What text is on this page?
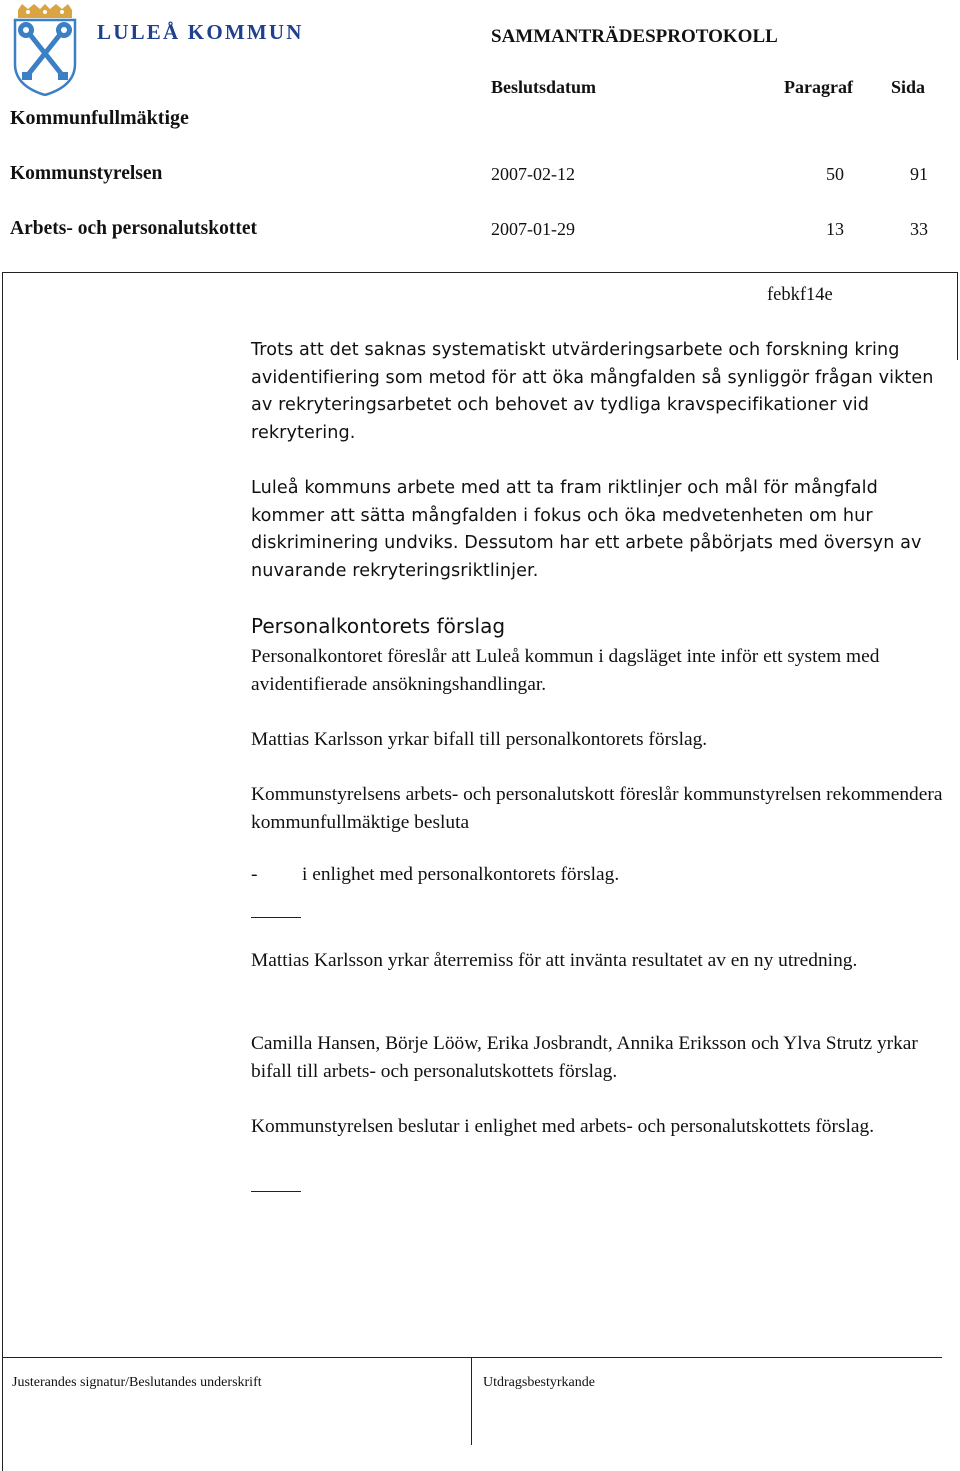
LULEÅ KOMMUN	SAMMANTRÄDESPROTOKOLL
Beslutsdatum	Paragraf Sida
Kommunfullmäktige
Kommunstyrelsen	2007-02-12	50	91
Arbets- och personalutskottet	2007-01-29	13	33
febkf14e
Trots att det saknas systematiskt utvärderingsarbete och forskning kring avidentifiering som metod för att öka mångfalden så synliggör frågan vikten av rekryteringsarbetet och behovet av tydliga kravspecifikationer vid rekrytering.
Luleå kommuns arbete med att ta fram riktlinjer och mål för mångfald kommer att sätta mångfalden i fokus och öka medvetenheten om hur diskriminering undviks. Dessutom har ett arbete påbörjats med översyn av nuvarande rekryteringsriktlinjer.
Personalkontorets förslag
Personalkontoret föreslår att Luleå kommun i dagsläget inte inför ett system med avidentifierade ansökningshandlingar.
Mattias Karlsson yrkar bifall till personalkontorets förslag.
Kommunstyrelsens arbets- och personalutskott föreslår kommunstyrelsen rekommendera kommunfullmäktige besluta
- i enlighet med personalkontorets förslag.
Mattias Karlsson yrkar återremiss för att invänta resultatet av en ny utredning.
Camilla Hansen, Börje Lööw, Erika Josbrandt, Annika Eriksson och Ylva Strutz yrkar bifall till arbets- och personalutskottets förslag.
Kommunstyrelsen beslutar i enlighet med arbets- och personalutskottets förslag.
Justerandes signatur/Beslutandes underskrift	Utdragsbestyrkande
